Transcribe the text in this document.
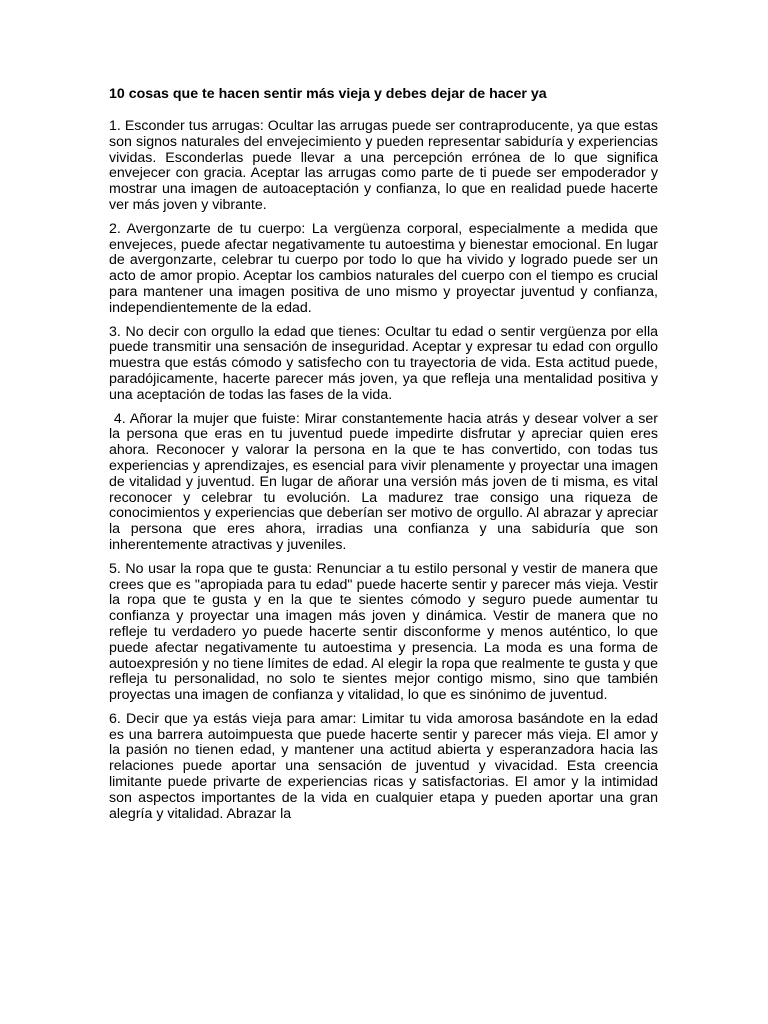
10 cosas que te hacen sentir más vieja y debes dejar de hacer ya

1. Esconder tus arrugas: Ocultar las arrugas puede ser contraproducente, ya que estas son signos naturales del envejecimiento y pueden representar sabiduría y experiencias vividas. Esconderlas puede llevar a una percepción errónea de lo que significa envejecer con gracia. Aceptar las arrugas como parte de ti puede ser empoderador y mostrar una imagen de autoaceptación y confianza, lo que en realidad puede hacerte ver más joven y vibrante.

2. Avergonzarte de tu cuerpo: La vergüenza corporal, especialmente a medida que envejeces, puede afectar negativamente tu autoestima y bienestar emocional. En lugar de avergonzarte, celebrar tu cuerpo por todo lo que ha vivido y logrado puede ser un acto de amor propio. Aceptar los cambios naturales del cuerpo con el tiempo es crucial para mantener una imagen positiva de uno mismo y proyectar juventud y confianza, independientemente de la edad.

3. No decir con orgullo la edad que tienes: Ocultar tu edad o sentir vergüenza por ella puede transmitir una sensación de inseguridad. Aceptar y expresar tu edad con orgullo muestra que estás cómodo y satisfecho con tu trayectoria de vida. Esta actitud puede, paradójicamente, hacerte parecer más joven, ya que refleja una mentalidad positiva y una aceptación de todas las fases de la vida.

4. Añorar la mujer que fuiste: Mirar constantemente hacia atrás y desear volver a ser la persona que eras en tu juventud puede impedirte disfrutar y apreciar quien eres ahora. Reconocer y valorar la persona en la que te has convertido, con todas tus experiencias y aprendizajes, es esencial para vivir plenamente y proyectar una imagen de vitalidad y juventud. En lugar de añorar una versión más joven de ti misma, es vital reconocer y celebrar tu evolución. La madurez trae consigo una riqueza de conocimientos y experiencias que deberían ser motivo de orgullo. Al abrazar y apreciar la persona que eres ahora, irradias una confianza y una sabiduría que son inherentemente atractivas y juveniles.

5. No usar la ropa que te gusta: Renunciar a tu estilo personal y vestir de manera que crees que es "apropiada para tu edad" puede hacerte sentir y parecer más vieja. Vestir la ropa que te gusta y en la que te sientes cómodo y seguro puede aumentar tu confianza y proyectar una imagen más joven y dinámica. Vestir de manera que no refleje tu verdadero yo puede hacerte sentir disconforme y menos auténtico, lo que puede afectar negativamente tu autoestima y presencia. La moda es una forma de autoexpresión y no tiene límites de edad. Al elegir la ropa que realmente te gusta y que refleja tu personalidad, no solo te sientes mejor contigo mismo, sino que también proyectas una imagen de confianza y vitalidad, lo que es sinónimo de juventud.

6. Decir que ya estás vieja para amar: Limitar tu vida amorosa basándote en la edad es una barrera autoimpuesta que puede hacerte sentir y parecer más vieja. El amor y la pasión no tienen edad, y mantener una actitud abierta y esperanzadora hacia las relaciones puede aportar una sensación de juventud y vivacidad. Esta creencia limitante puede privarte de experiencias ricas y satisfactorias. El amor y la intimidad son aspectos importantes de la vida en cualquier etapa y pueden aportar una gran alegría y vitalidad. Abrazar la
